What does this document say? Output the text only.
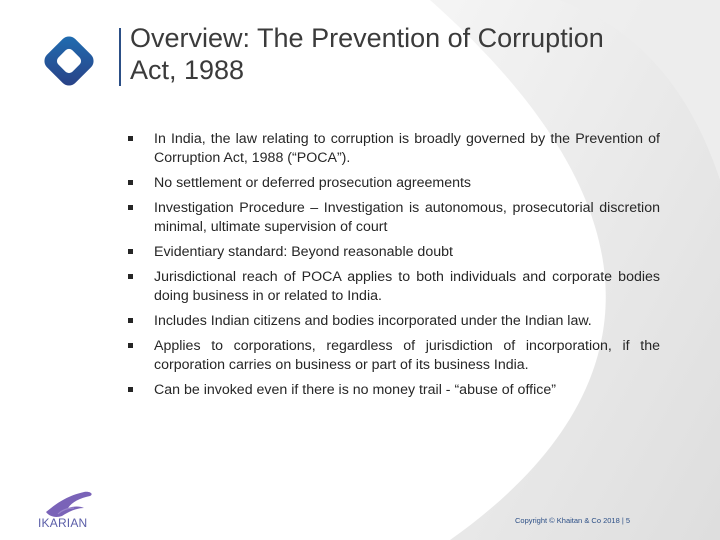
Overview: The Prevention of Corruption Act, 1988
In India, the law relating to corruption is broadly governed by the Prevention of Corruption Act, 1988 (“POCA”).
No settlement or deferred prosecution agreements
Investigation Procedure – Investigation is autonomous, prosecutorial discretion minimal, ultimate supervision of court
Evidentiary standard: Beyond reasonable doubt
Jurisdictional reach of POCA applies to both individuals and corporate bodies doing business in or related to India.
Includes Indian citizens and bodies incorporated under the Indian law.
Applies to corporations, regardless of jurisdiction of incorporation, if the corporation carries on business or part of its business India.
Can be invoked even if there is no money trail - “abuse of office”
IKARIAN	Copyright © Khaitan & Co 2018 | 5
